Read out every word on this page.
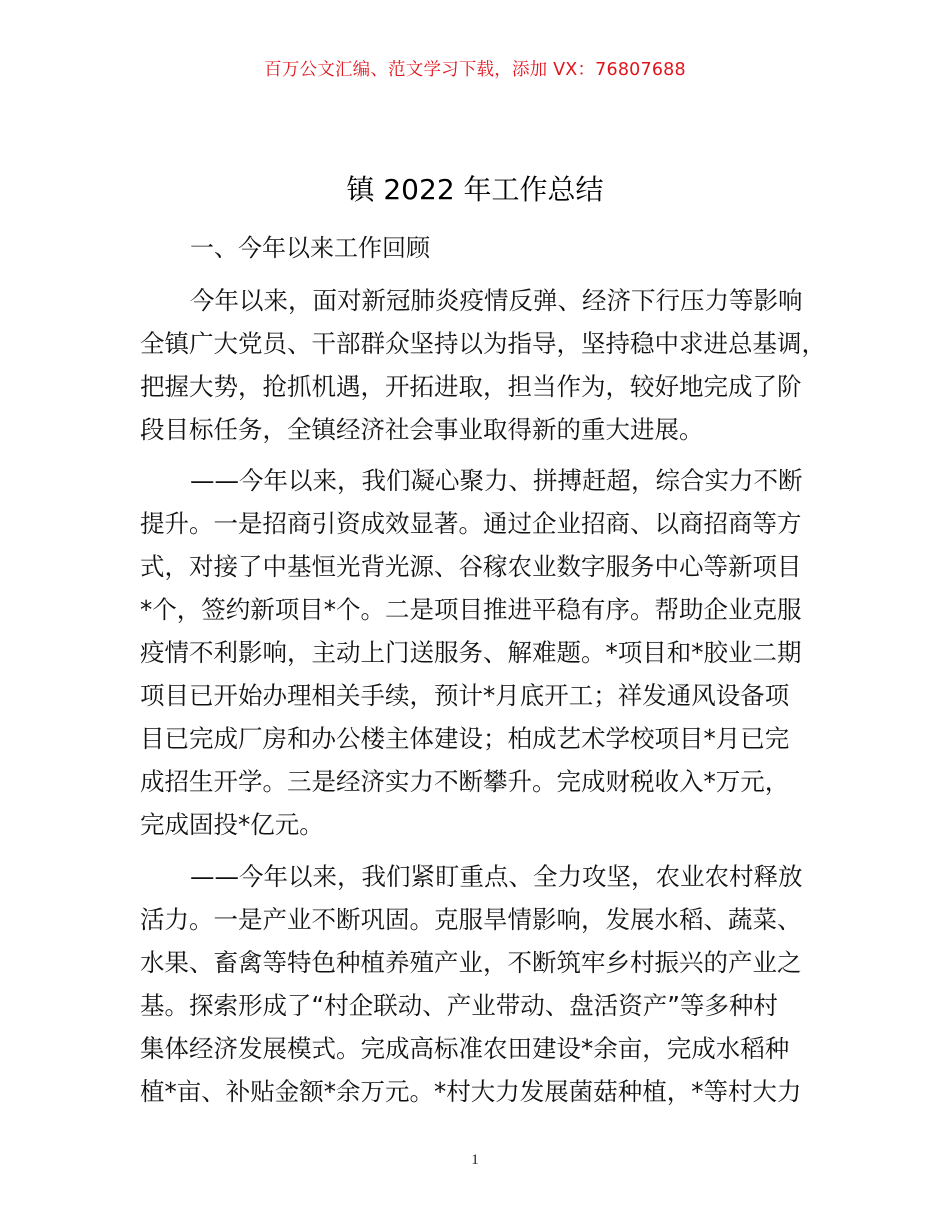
百万公文汇编、范文学习下载，添加 VX：76807688
镇 2022 年工作总结
一、今年以来工作回顾
今年以来，面对新冠肺炎疫情反弹、经济下行压力等影响
全镇广大党员、干部群众坚持以为指导，坚持稳中求进总基调，
把握大势，抢抓机遇，开拓进取，担当作为，较好地完成了阶
段目标任务，全镇经济社会事业取得新的重大进展。
——今年以来，我们凝心聚力、拼搏赶超，综合实力不断
提升。一是招商引资成效显著。通过企业招商、以商招商等方
式，对接了中基恒光背光源、谷稼农业数字服务中心等新项目
*个，签约新项目*个。二是项目推进平稳有序。帮助企业克服
疫情不利影响，主动上门送服务、解难题。*项目和*胶业二期
项目已开始办理相关手续，预计*月底开工；祥发通风设备项
目已完成厂房和办公楼主体建设；柏成艺术学校项目*月已完
成招生开学。三是经济实力不断攀升。完成财税收入*万元，
完成固投*亿元。
——今年以来，我们紧盯重点、全力攻坚，农业农村释放
活力。一是产业不断巩固。克服旱情影响，发展水稻、蔬菜、
水果、畜禽等特色种植养殖产业，不断筑牢乡村振兴的产业之
基。探索形成了“村企联动、产业带动、盘活资产”等多种村
集体经济发展模式。完成高标准农田建设*余亩，完成水稻种
植*亩、补贴金额*余万元。*村大力发展菌菇种植，*等村大力
1
